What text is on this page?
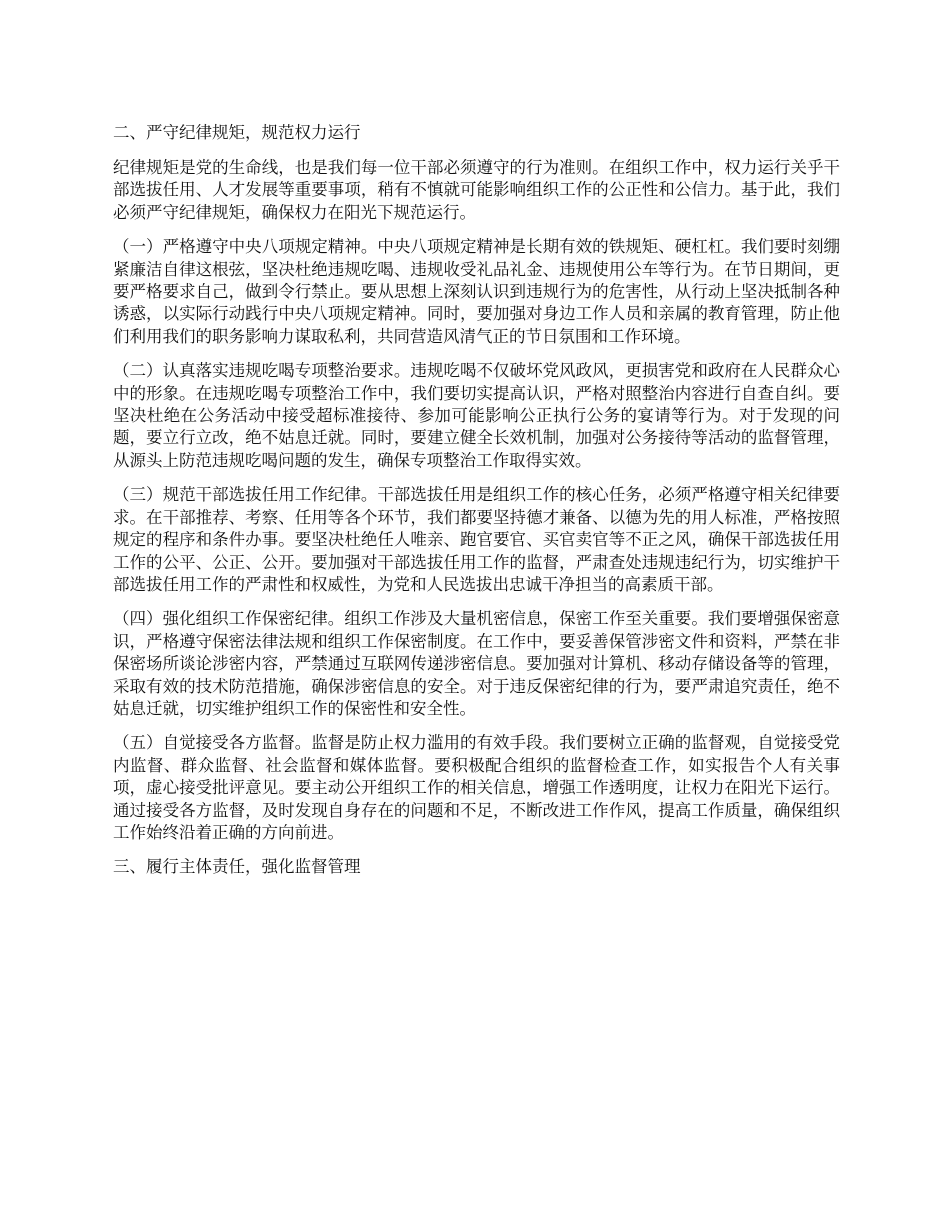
二、严守纪律规矩，规范权力运行

纪律规矩是党的生命线，也是我们每一位干部必须遵守的行为准则。在组织工作中，权力运行关乎干部选拔任用、人才发展等重要事项，稍有不慎就可能影响组织工作的公正性和公信力。基于此，我们必须严守纪律规矩，确保权力在阳光下规范运行。

（一）严格遵守中央八项规定精神。中央八项规定精神是长期有效的铁规矩、硬杠杠。我们要时刻绷紧廉洁自律这根弦，坚决杜绝违规吃喝、违规收受礼品礼金、违规使用公车等行为。在节日期间，更要严格要求自己，做到令行禁止。要从思想上深刻认识到违规行为的危害性，从行动上坚决抵制各种诱惑，以实际行动践行中央八项规定精神。同时，要加强对身边工作人员和亲属的教育管理，防止他们利用我们的职务影响力谋取私利，共同营造风清气正的节日氛围和工作环境。

（二）认真落实违规吃喝专项整治要求。违规吃喝不仅破坏党风政风，更损害党和政府在人民群众心中的形象。在违规吃喝专项整治工作中，我们要切实提高认识，严格对照整治内容进行自查自纠。要坚决杜绝在公务活动中接受超标准接待、参加可能影响公正执行公务的宴请等行为。对于发现的问题，要立行立改，绝不姑息迁就。同时，要建立健全长效机制，加强对公务接待等活动的监督管理，从源头上防范违规吃喝问题的发生，确保专项整治工作取得实效。

（三）规范干部选拔任用工作纪律。干部选拔任用是组织工作的核心任务，必须严格遵守相关纪律要求。在干部推荐、考察、任用等各个环节，我们都要坚持德才兼备、以德为先的用人标准，严格按照规定的程序和条件办事。要坚决杜绝任人唯亲、跑官要官、买官卖官等不正之风，确保干部选拔任用工作的公平、公正、公开。要加强对干部选拔任用工作的监督，严肃查处违规违纪行为，切实维护干部选拔任用工作的严肃性和权威性，为党和人民选拔出忠诚干净担当的高素质干部。

（四）强化组织工作保密纪律。组织工作涉及大量机密信息，保密工作至关重要。我们要增强保密意识，严格遵守保密法律法规和组织工作保密制度。在工作中，要妥善保管涉密文件和资料，严禁在非保密场所谈论涉密内容，严禁通过互联网传递涉密信息。要加强对计算机、移动存储设备等的管理，采取有效的技术防范措施，确保涉密信息的安全。对于违反保密纪律的行为，要严肃追究责任，绝不姑息迁就，切实维护组织工作的保密性和安全性。

（五）自觉接受各方监督。监督是防止权力滥用的有效手段。我们要树立正确的监督观，自觉接受党内监督、群众监督、社会监督和媒体监督。要积极配合组织的监督检查工作，如实报告个人有关事项，虚心接受批评意见。要主动公开组织工作的相关信息，增强工作透明度，让权力在阳光下运行。通过接受各方监督，及时发现自身存在的问题和不足，不断改进工作作风，提高工作质量，确保组织工作始终沿着正确的方向前进。

三、履行主体责任，强化监督管理
